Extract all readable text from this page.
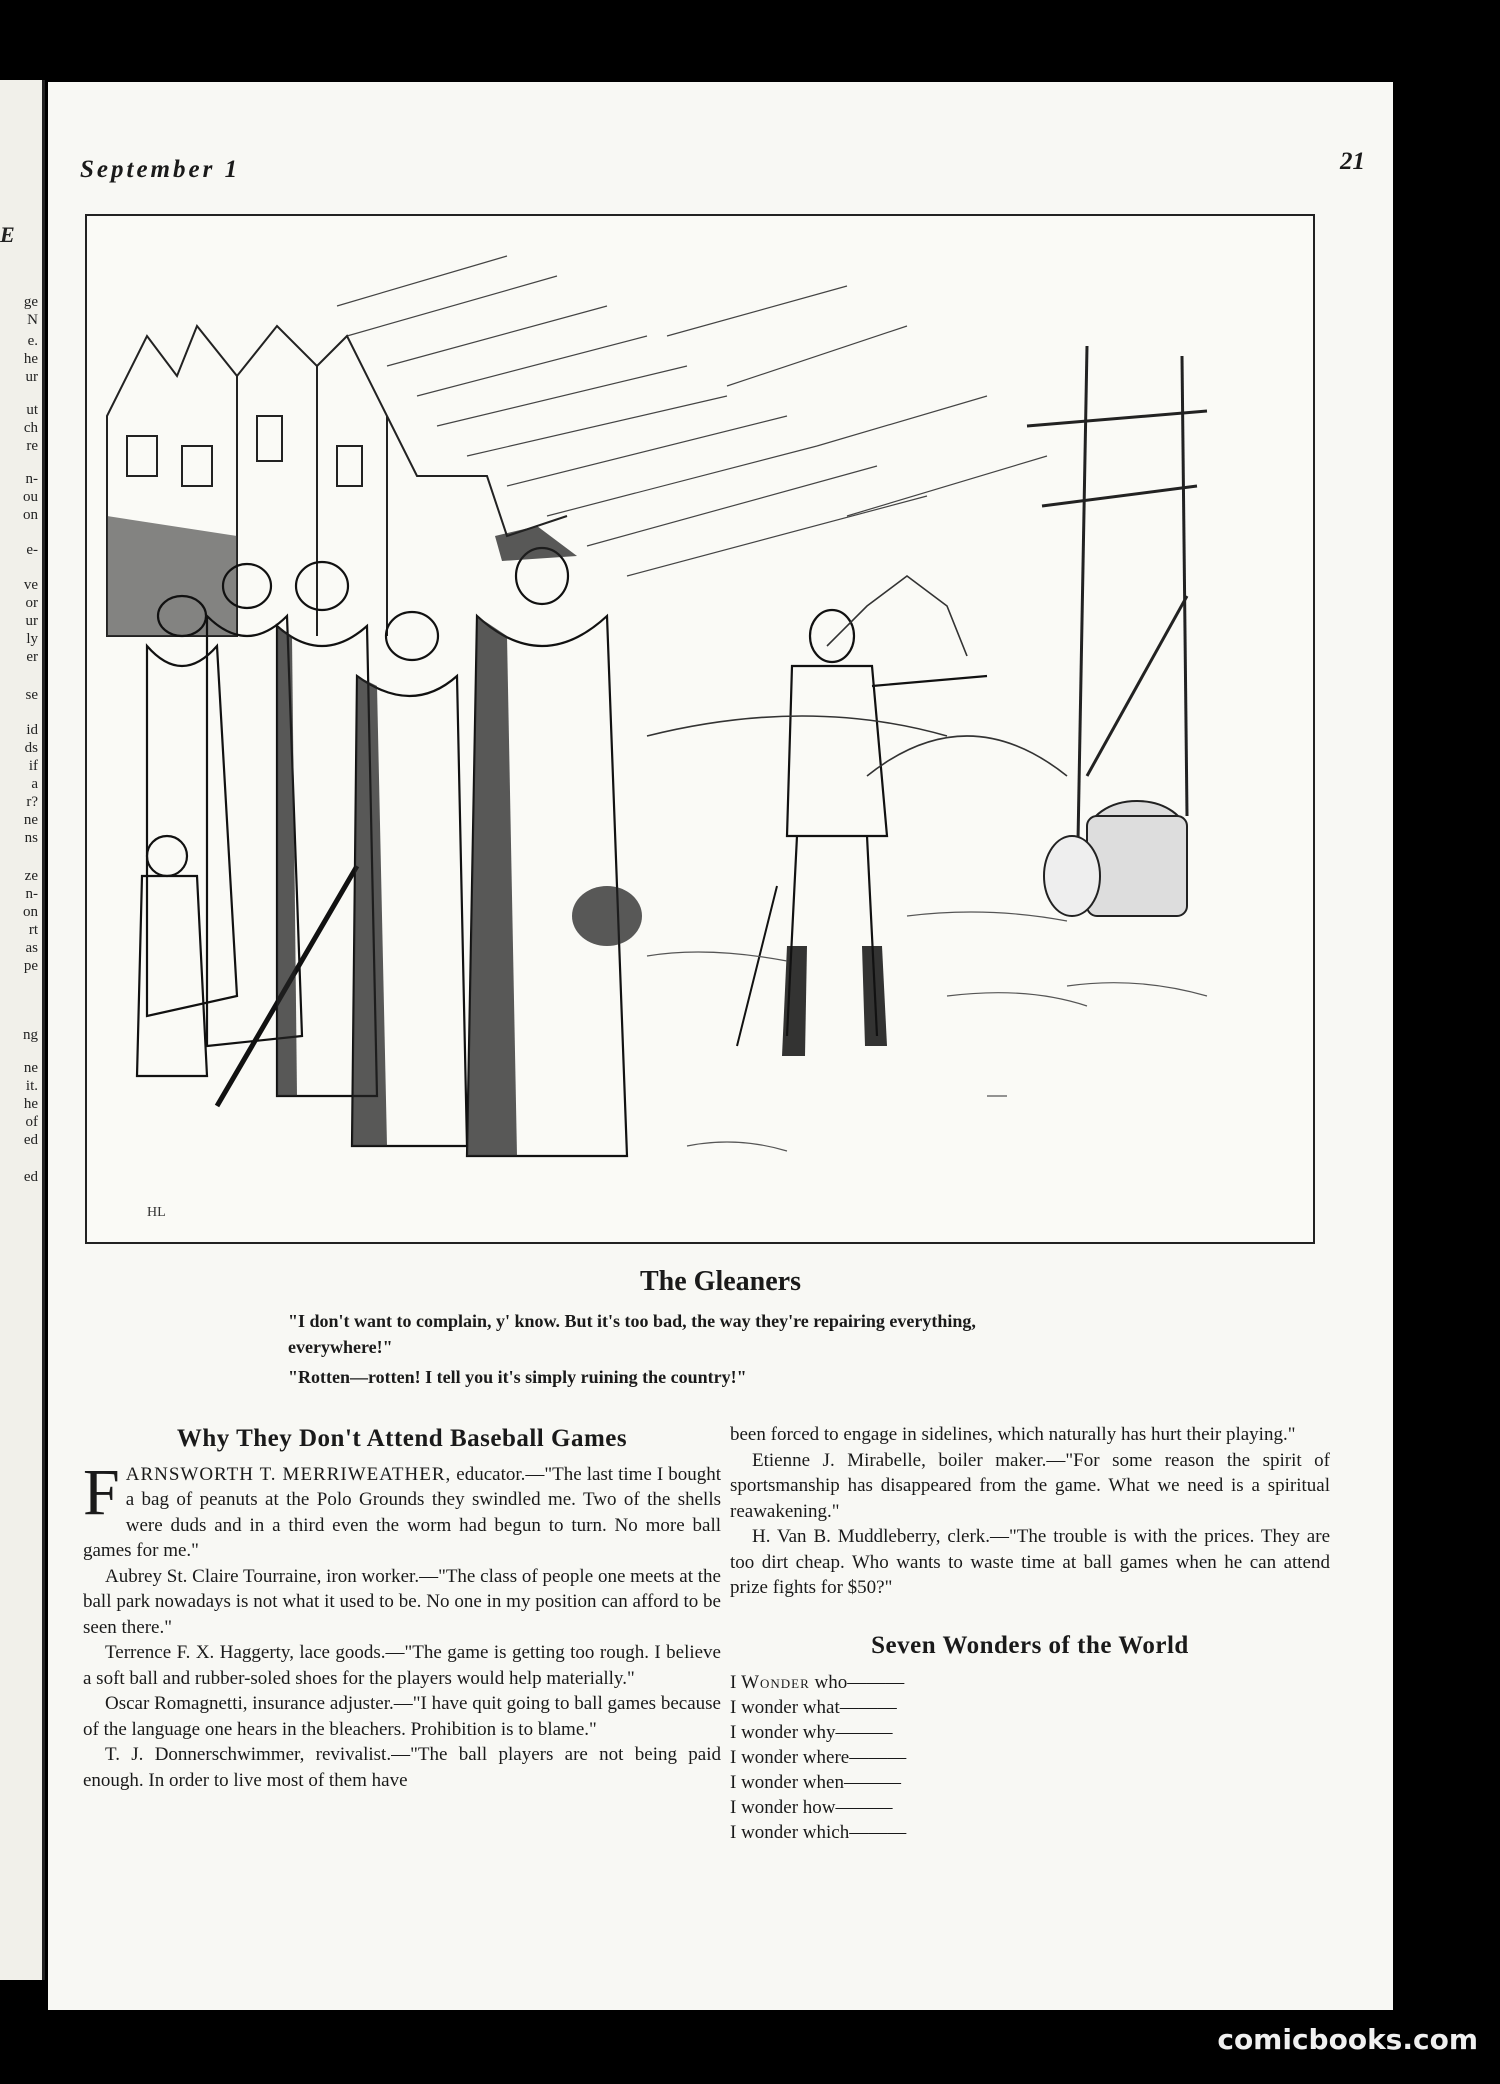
E
ge
N
e.
he
ur
ut
ch
re
n-
ou
on
e-
ve
or
ur
ly
er
se
id
ds
if
a
r?
ne
ns
ze
n-
on
rt
as
pe
ng
ne
it.
he
of
ed
ed
September 1	21
HL
The Gleaners
"I don't want to complain, y' know. But it's too bad, the way they're repairing everything,
everywhere!"
"Rotten—rotten! I tell you it's simply ruining the country!"
Why They Don't Attend Baseball Games

FARNSWORTH T. MERRIWEATHER, educator.—"The last time I bought a bag of peanuts at the Polo Grounds they swindled me. Two of the shells were duds and in a third even the worm had begun to turn. No more ball games for me."

Aubrey St. Claire Tourraine, iron worker.—"The class of people one meets at the ball park nowadays is not what it used to be. No one in my position can afford to be seen there."

Terrence F. X. Haggerty, lace goods.—"The game is getting too rough. I believe a soft ball and rubber-soled shoes for the players would help materially."

Oscar Romagnetti, insurance adjuster.—"I have quit going to ball games because of the language one hears in the bleachers. Prohibition is to blame."

T. J. Donnerschwimmer, revivalist.—"The ball players are not being paid enough. In order to live most of them have

been forced to engage in sidelines, which naturally has hurt their playing."

Etienne J. Mirabelle, boiler maker.—"For some reason the spirit of sportsmanship has disappeared from the game. What we need is a spiritual reawakening."

H. Van B. Muddleberry, clerk.—"The trouble is with the prices. They are too dirt cheap. Who wants to waste time at ball games when he can attend prize fights for $50?"

Seven Wonders of the World

I Wonder who———

I wonder what———

I wonder why———

I wonder where———

I wonder when———

I wonder how———

I wonder which———

comicbooks.com
